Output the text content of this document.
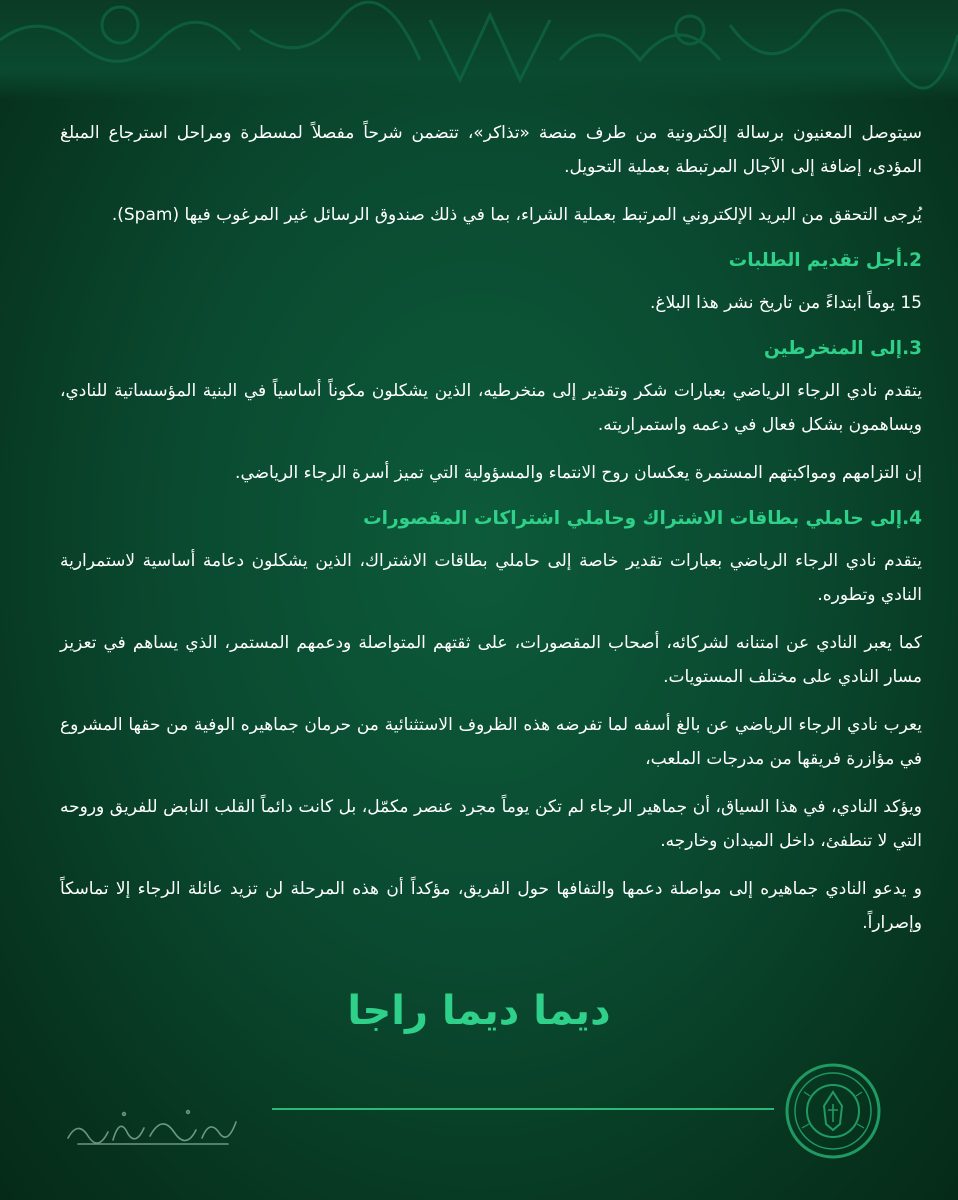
سيتوصل المعنيون برسالة إلكترونية من طرف منصة «تذاكر»، تتضمن شرحاً مفصلاً لمسطرة ومراحل استرجاع المبلغ المؤدى، إضافة إلى الآجال المرتبطة بعملية التحويل.

يُرجى التحقق من البريد الإلكتروني المرتبط بعملية الشراء، بما في ذلك صندوق الرسائل غير المرغوب فيها (Spam).

2.أجل تقديم الطلبات

15 يوماً ابتداءً من تاريخ نشر هذا البلاغ.

3.إلى المنخرطين

يتقدم نادي الرجاء الرياضي بعبارات شكر وتقدير إلى منخرطيه، الذين يشكلون مكوناً أساسياً في البنية المؤسساتية للنادي، ويساهمون بشكل فعال في دعمه واستمراريته.

إن التزامهم ومواكبتهم المستمرة يعكسان روح الانتماء والمسؤولية التي تميز أسرة الرجاء الرياضي.

4.إلى حاملي بطاقات الاشتراك وحاملي اشتراكات المقصورات

يتقدم نادي الرجاء الرياضي بعبارات تقدير خاصة إلى حاملي بطاقات الاشتراك، الذين يشكلون دعامة أساسية لاستمرارية النادي وتطوره.

كما يعبر النادي عن امتنانه لشركائه، أصحاب المقصورات، على ثقتهم المتواصلة ودعمهم المستمر، الذي يساهم في تعزيز مسار النادي على مختلف المستويات.

يعرب نادي الرجاء الرياضي عن بالغ أسفه لما تفرضه هذه الظروف الاستثنائية من حرمان جماهيره الوفية من حقها المشروع في مؤازرة فريقها من مدرجات الملعب،

ويؤكد النادي، في هذا السياق، أن جماهير الرجاء لم تكن يوماً مجرد عنصر مكمّل، بل كانت دائماً القلب النابض للفريق وروحه التي لا تنطفئ، داخل الميدان وخارجه.

و يدعو النادي جماهيره إلى مواصلة دعمها والتفافها حول الفريق، مؤكداً أن هذه المرحلة لن تزيد عائلة الرجاء إلا تماسكاً وإصراراً.

ديما ديما راجا
